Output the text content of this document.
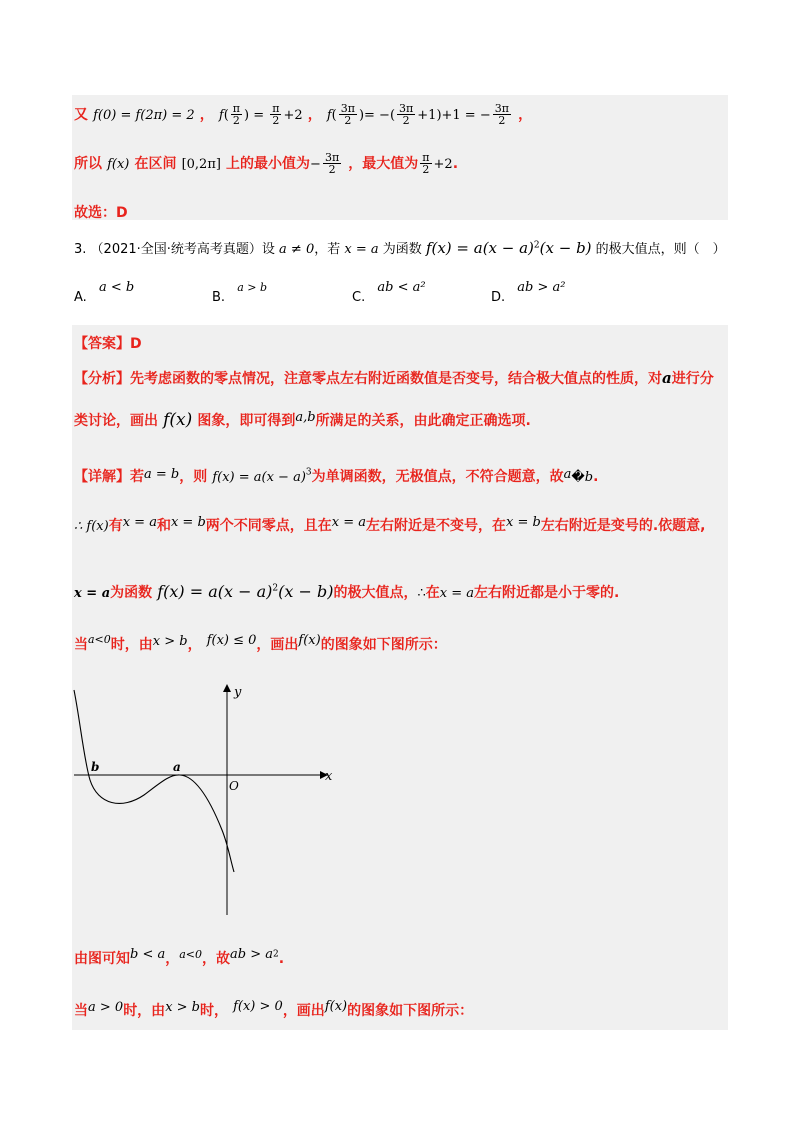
又 f(0) = f(2π) = 2 ， $f( \frac{\pi}{2}$ ) = $\frac{\pi}{2} +2$ ， $f( \frac{3\pi}{2}$ )= −( $\frac{3\pi}{2} +1)+1$ = − $\frac{3\pi}{2}$ ，
所以 f(x) 在区间 [0,2π] 上的最小值为− $\frac{3\pi}{2}$ ，最大值为 $\frac{\pi}{2} +2$.
故选：D
3. （2021·全国·统考高考真题）设 a ≠ 0，若 x = a 为函数 $f(x) = a(x - a)^2(x - b)$ 的极大值点，则（　）
A. a < b
B. $^{a > b}$
C. ab < a²
D. ab > a²
【答案】D
【分析】先考虑函数的零点情况，注意零点左右附近函数值是否变号，结合极大值点的性质，对a进行分
类讨论，画出 f(x) 图象，即可得到$^{a,b}$所满足的关系，由此确定正确选项.
【详解】若a = b，则 $f(x) = a(x - a)^3$为单调函数，无极值点，不符合题意，故a�b.
∴ f(x)有$^{x = a}$和$^{x = b}$两个不同零点，且在$^{x = a}$左右附近是不变号，在$^{x = b}$左右附近是变号的.依题意,
x = a为函数 $f(x) = a(x - a)^2(x - b)$的极大值点，∴在x = a左右附近都是小于零的.
当$^{a<0}$时，由$^{x > b}$， $^{f(x) \le 0}$，画出$^{f(x)}$的图象如下图所示：
y
x
O
b	a
由图可知$^{b < a}$，$^{a<0}$，故$^{ab > a2}$.
当$^{a > 0}$时，由$^{x > b}$时， $^{f(x) > 0}$，画出$^{f(x)}$的图象如下图所示：
